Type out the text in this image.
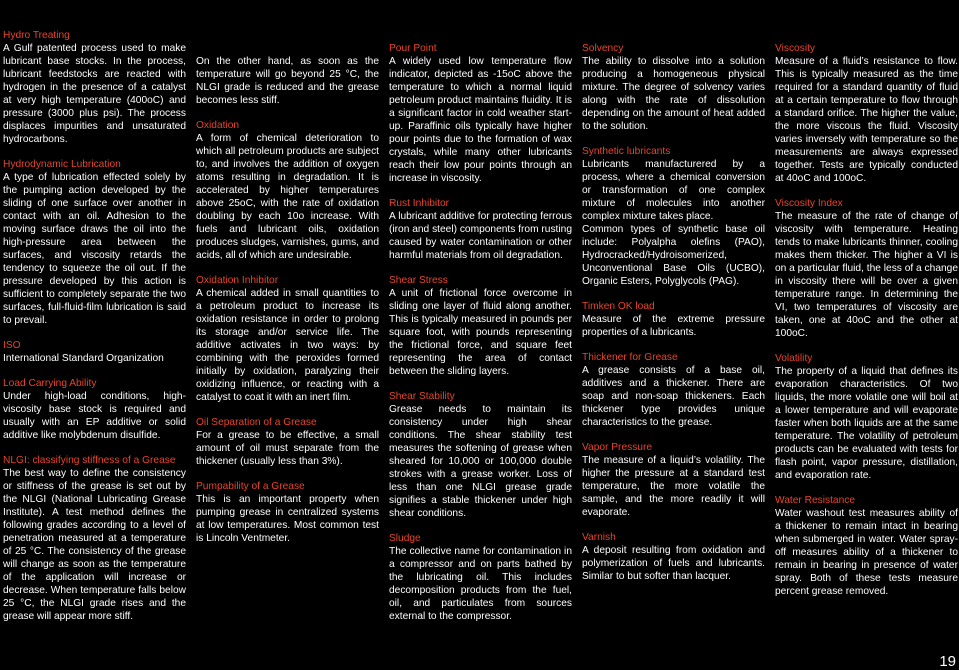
Hydro Treating

A Gulf patented process used to make lubricant base stocks. In the process, lubricant feedstocks are reacted with hydrogen in the presence of a catalyst at very high temperature (400oC) and pressure (3000 plus psi). The process displaces impurities and unsaturated hydrocarbons.

Hydrodynamic Lubrication

A type of lubrication effected solely by the pumping action developed by the sliding of one surface over another in contact with an oil. Adhesion to the moving surface draws the oil into the high-pressure area between the surfaces, and viscosity retards the tendency to squeeze the oil out. If the pressure developed by this action is sufficient to completely separate the two surfaces, full-fluid-film lubrication is said to prevail.

ISO

International Standard Organization

Load Carrying Ability

Under high-load conditions, high-viscosity base stock is required and usually with an EP additive or solid additive like molybdenum disulfide.

NLGI: classifying stiffness of a Grease

The best way to define the consistency or stiffness of the grease is set out by the NLGI (National Lubricating Grease Institute). A test method defines the following grades according to a level of penetration measured at a temperature of 25 °C. The consistency of the grease will change as soon as the temperature of the application will increase or decrease. When temperature falls below 25 °C, the NLGI grade rises and the grease will appear more stiff.

On the other hand, as soon as the temperature will go beyond 25 °C, the NLGI grade is reduced and the grease becomes less stiff.

Oxidation

A form of chemical deterioration to which all petroleum products are subject to, and involves the addition of oxygen atoms resulting in degradation. It is accelerated by higher temperatures above 25oC, with the rate of oxidation doubling by each 10o increase. With fuels and lubricant oils, oxidation produces sludges, varnishes, gums, and acids, all of which are undesirable.

Oxidation Inhibitor

A chemical added in small quantities to a petroleum product to increase its oxidation resistance in order to prolong its storage and/or service life. The additive activates in two ways: by combining with the peroxides formed initially by oxidation, paralyzing their oxidizing influence, or reacting with a catalyst to coat it with an inert film.

Oil Separation of a Grease

For a grease to be effective, a small amount of oil must separate from the thickener (usually less than 3%).

Pumpability of a Grease

This is an important property when pumping grease in centralized systems at low temperatures. Most common test is Lincoln Ventmeter.

Pour Point

A widely used low temperature flow indicator, depicted as -15oC above the temperature to which a normal liquid petroleum product maintains fluidity. It is a significant factor in cold weather start-up. Paraffinic oils typically have higher pour points due to the formation of wax crystals, while many other lubricants reach their low pour points through an increase in viscosity.

Rust Inhibitor

A lubricant additive for protecting ferrous (iron and steel) components from rusting caused by water contamination or other harmful materials from oil degradation.

Shear Stress

A unit of frictional force overcome in sliding one layer of fluid along another. This is typically measured in pounds per square foot, with pounds representing the frictional force, and square feet representing the area of contact between the sliding layers.

Shear Stability

Grease needs to maintain its consistency under high shear conditions. The shear stability test measures the softening of grease when sheared for 10,000 or 100,000 double strokes with a grease worker. Loss of less than one NLGI grease grade signifies a stable thickener under high shear conditions.

Sludge

The collective name for contamination in a compressor and on parts bathed by the lubricating oil. This includes decomposition products from the fuel, oil, and particulates from sources external to the compressor.

Solvency

The ability to dissolve into a solution producing a homogeneous physical mixture. The degree of solvency varies along with the rate of dissolution depending on the amount of heat added to the solution.

Synthetic lubricants

Lubricants manufacturered by a process, where a chemical conversion or transformation of one complex mixture of molecules into another complex mixture takes place.

Common types of synthetic base oil include: Polyalpha olefins (PAO), Hydrocracked/Hydroisomerized, Unconventional Base Oils (UCBO), Organic Esters, Polyglycols (PAG).

Timken OK load

Measure of the extreme pressure properties of a lubricants.

Thickener for Grease

A grease consists of a base oil, additives and a thickener. There are soap and non-soap thickeners. Each thickener type provides unique characteristics to the grease.

Vapor Pressure

The measure of a liquid’s volatility. The higher the pressure at a standard test temperature, the more volatile the sample, and the more readily it will evaporate.

Varnish

A deposit resulting from oxidation and polymerization of fuels and lubricants. Similar to but softer than lacquer.

Viscosity

Measure of a fluid’s resistance to flow. This is typically measured as the time required for a standard quantity of fluid at a certain temperature to flow through a standard orifice. The higher the value, the more viscous the fluid. Viscosity varies inversely with temperature so the measurements are always expressed together. Tests are typically conducted at 40oC and 100oC.

Viscosity Index

The measure of the rate of change of viscosity with temperature. Heating tends to make lubricants thinner, cooling makes them thicker. The higher a VI is on a particular fluid, the less of a change in viscosity there will be over a given temperature range. In determining the VI, two temperatures of viscosity are taken, one at 40oC and the other at 100oC.

Volatility

The property of a liquid that defines its evaporation characteristics. Of two liquids, the more volatile one will boil at a lower temperature and will evaporate faster when both liquids are at the same temperature. The volatility of petroleum products can be evaluated with tests for flash point, vapor pressure, distillation, and evaporation rate.

Water Resistance

Water washout test measures ability of a thickener to remain intact in bearing when submerged in water. Water spray-off measures ability of a thickener to remain in bearing in presence of water spray. Both of these tests measure percent grease removed.

19
